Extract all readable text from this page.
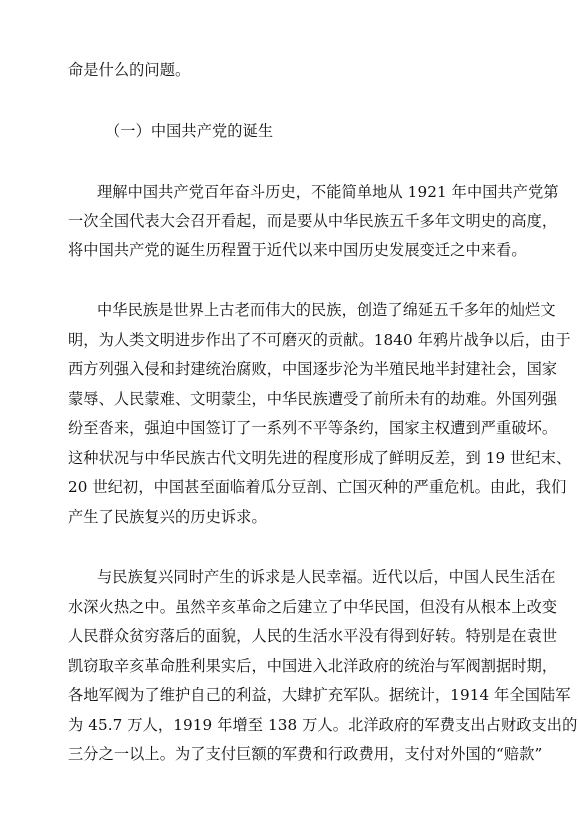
命是什么的问题。
（一）中国共产党的诞生
理解中国共产党百年奋斗历史，不能简单地从 1921 年中国共产党第
一次全国代表大会召开看起，而是要从中华民族五千多年文明史的高度，
将中国共产党的诞生历程置于近代以来中国历史发展变迁之中来看。
中华民族是世界上古老而伟大的民族，创造了绵延五千多年的灿烂文
明，为人类文明进步作出了不可磨灭的贡献。1840 年鸦片战争以后，由于
西方列强入侵和封建统治腐败，中国逐步沦为半殖民地半封建社会，国家
蒙辱、人民蒙难、文明蒙尘，中华民族遭受了前所未有的劫难。外国列强
纷至沓来，强迫中国签订了一系列不平等条约，国家主权遭到严重破坏。
这种状况与中华民族古代文明先进的程度形成了鲜明反差，到 19 世纪末、
20 世纪初，中国甚至面临着瓜分豆剖、亡国灭种的严重危机。由此，我们
产生了民族复兴的历史诉求。
与民族复兴同时产生的诉求是人民幸福。近代以后，中国人民生活在
水深火热之中。虽然辛亥革命之后建立了中华民国，但没有从根本上改变
人民群众贫穷落后的面貌，人民的生活水平没有得到好转。特别是在袁世
凯窃取辛亥革命胜利果实后，中国进入北洋政府的统治与军阀割据时期，
各地军阀为了维护自己的利益，大肆扩充军队。据统计，1914 年全国陆军
为 45.7 万人，1919 年增至 138 万人。北洋政府的军费支出占财政支出的
三分之一以上。为了支付巨额的军费和行政费用，支付对外国的“赔款”
